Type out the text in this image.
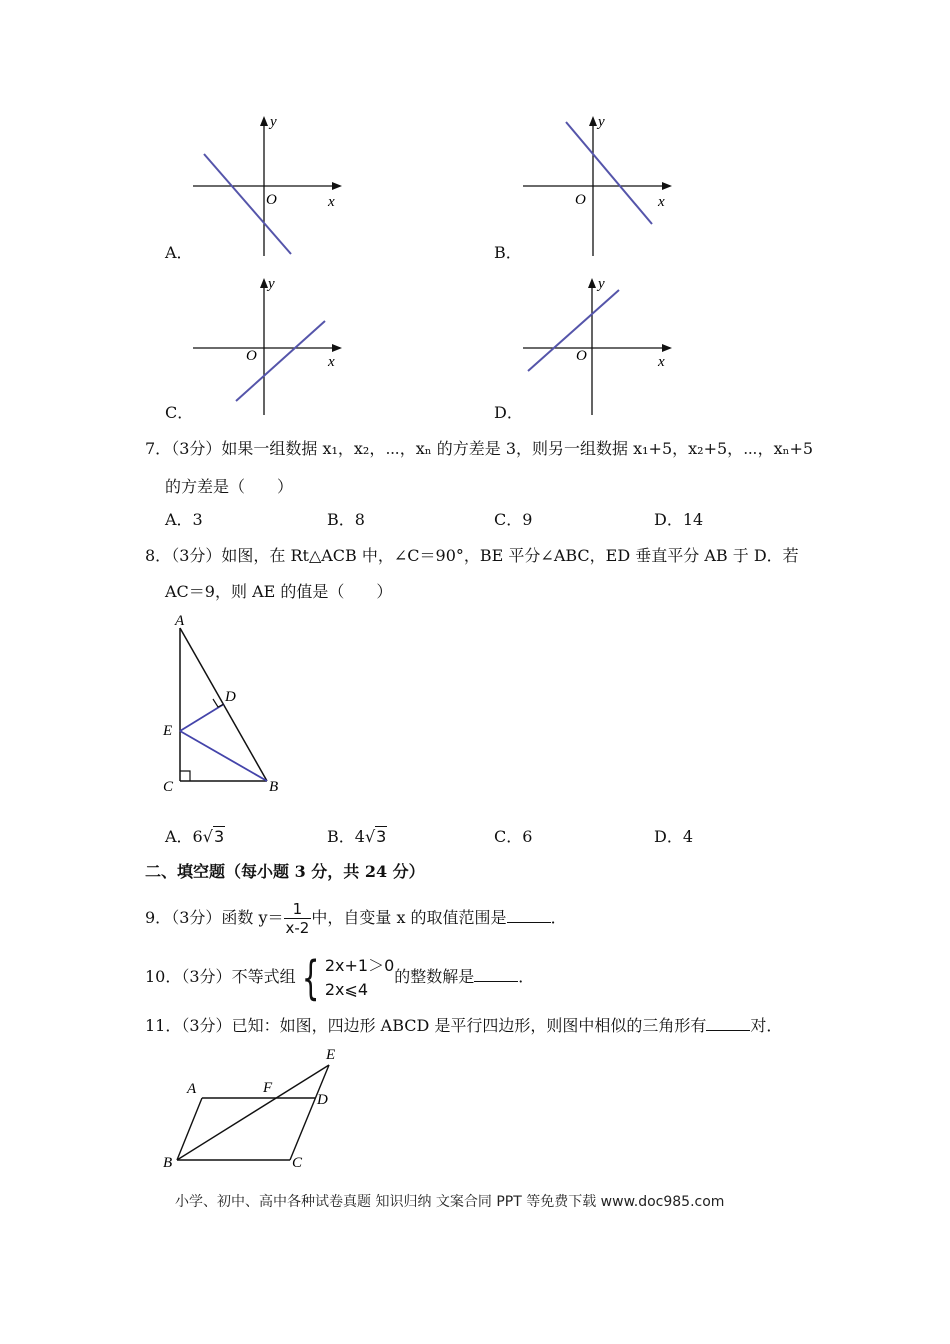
y
O	x
A．
y
O	x
B．
y
O	x
C．
y
O	x
D．
7．（3分）如果一组数据 x₁，x₂，⋯，xₙ 的方差是 3，则另一组数据 x₁+5，x₂+5，⋯，xₙ+5
的方差是（　　）
A．3	B．8	C．9	D．14
8．（3分）如图，在 Rt△ACB 中，∠C＝90°，BE 平分∠ABC，ED 垂直平分 AB 于 D．若
AC＝9，则 AE 的值是（　　）
A
D
E
C	B
A．6√3	B．4√3	C．6	D．4
二、填空题（每小题 3 分，共 24 分）
9．（3分）函数 $y= \frac{1}{x-2}$ 中，自变量 x 的取值范围是	．
10．（3分）不等式组 { 2x+1＞0
2x⩽4
的整数解是	．
11．（3分）已知：如图，四边形 ABCD 是平行四边形，则图中相似的三角形有	对．
A	F
E
D
B	C
小学、初中、高中各种试卷真题 知识归纳 文案合同 PPT 等免费下载 www.doc985.com
